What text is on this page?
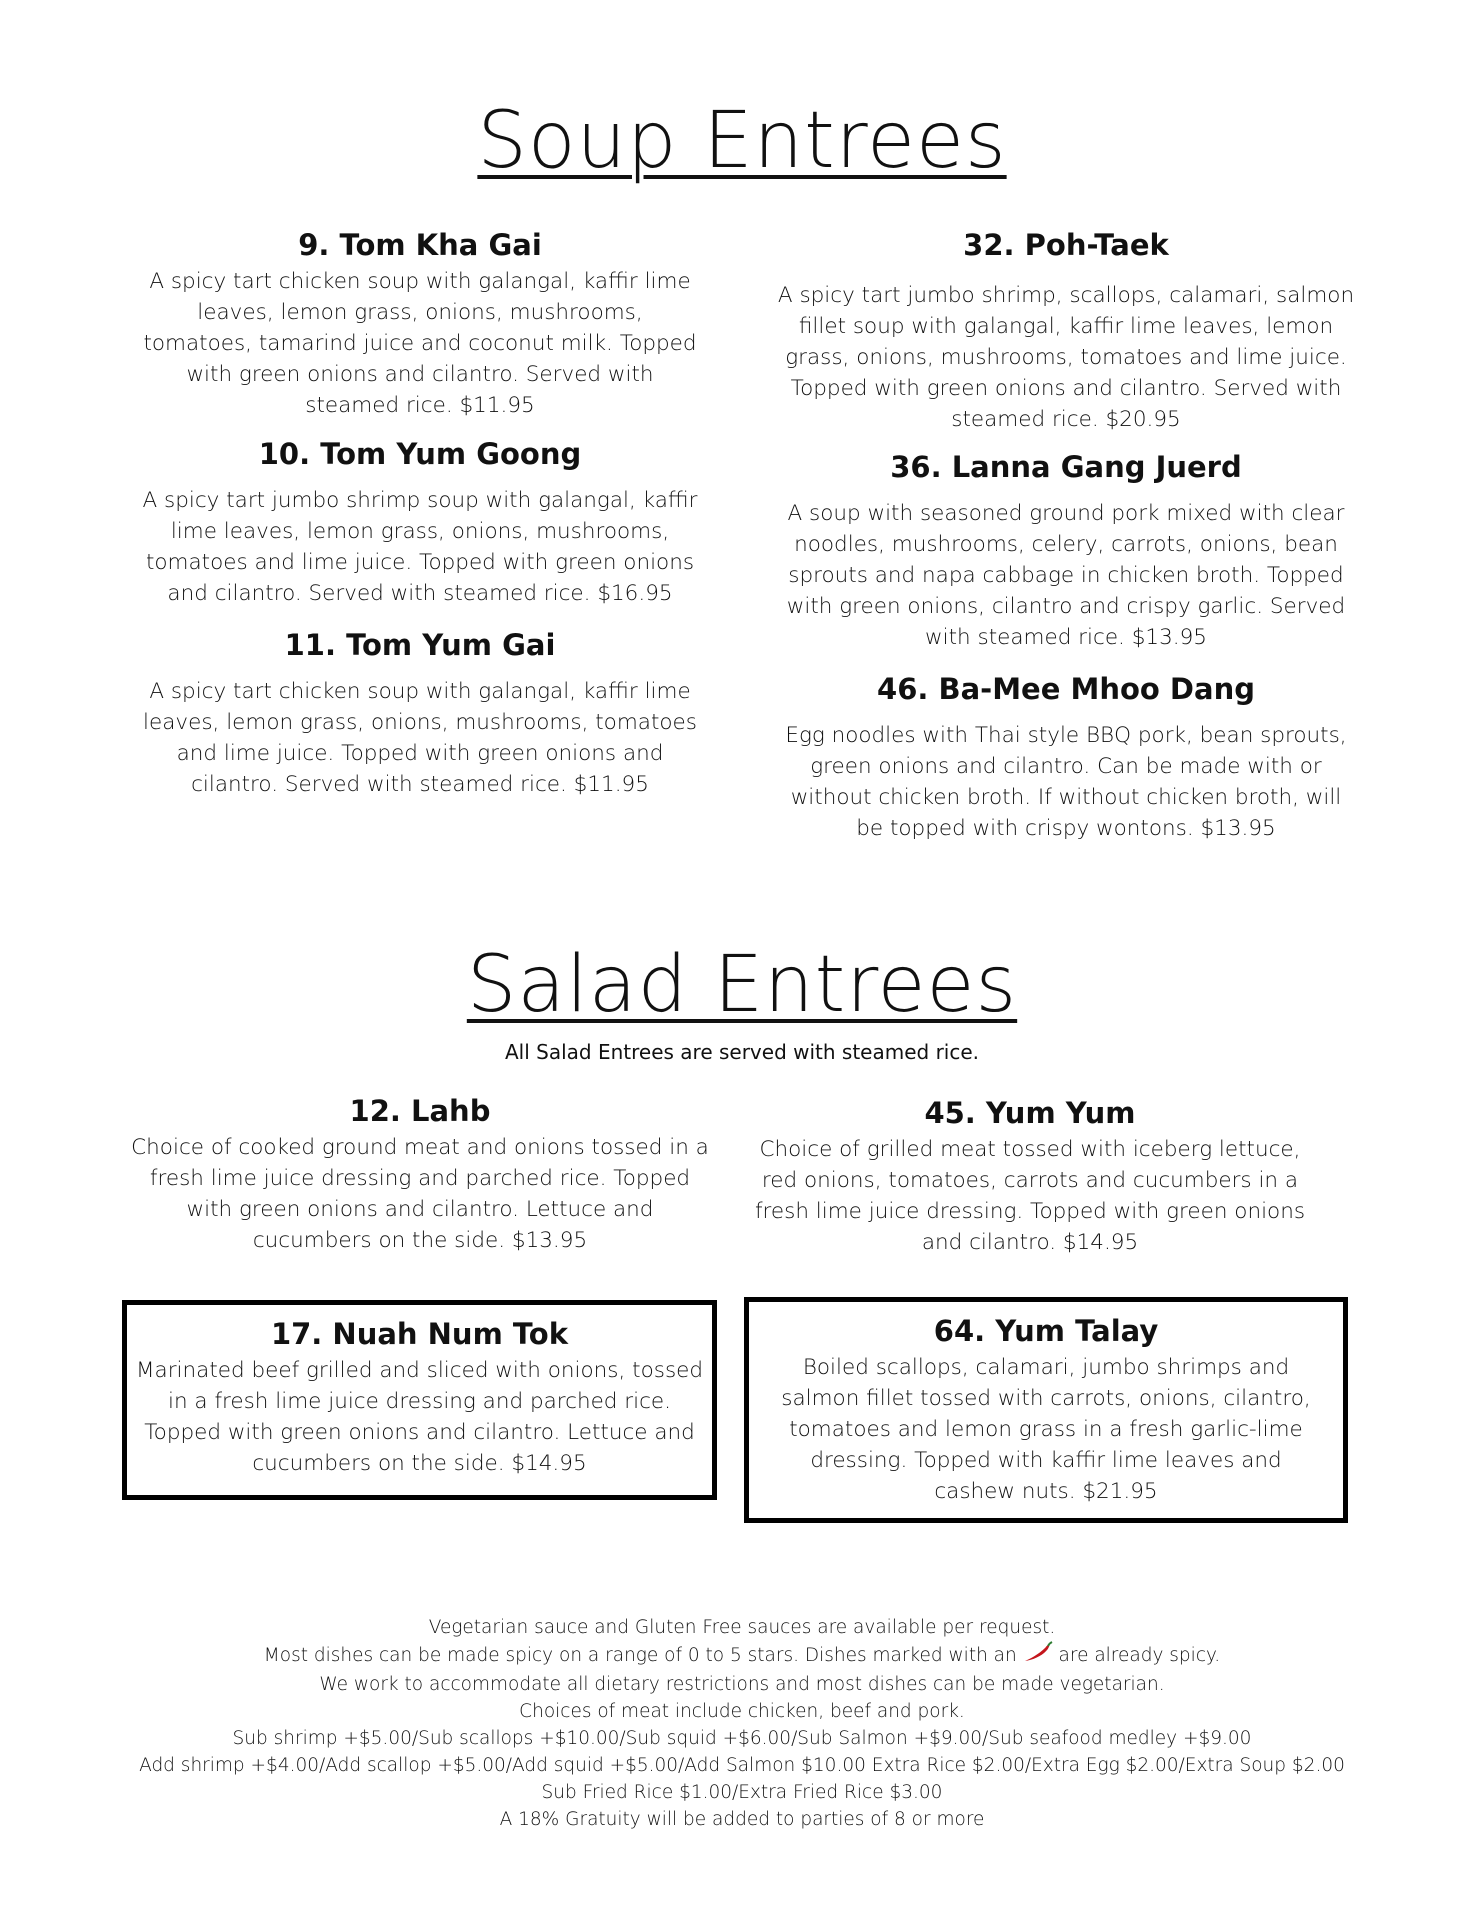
Soup Entrees
9. Tom Kha Gai

A spicy tart chicken soup with galangal, kaffir lime leaves, lemon grass, onions, mushrooms, tomatoes, tamarind juice and coconut milk. Topped with green onions and cilantro. Served with steamed rice. $11.95

10. Tom Yum Goong

A spicy tart jumbo shrimp soup with galangal, kaffir lime leaves, lemon grass, onions, mushrooms, tomatoes and lime juice. Topped with green onions and cilantro. Served with steamed rice. $16.95

11. Tom Yum Gai

A spicy tart chicken soup with galangal, kaffir lime leaves, lemon grass, onions, mushrooms, tomatoes and lime juice. Topped with green onions and cilantro. Served with steamed rice. $11.95

32. Poh-Taek

A spicy tart jumbo shrimp, scallops, calamari, salmon fillet soup with galangal, kaffir lime leaves, lemon grass, onions, mushrooms, tomatoes and lime juice. Topped with green onions and cilantro. Served with steamed rice. $20.95

36. Lanna Gang Juerd

A soup with seasoned ground pork mixed with clear noodles, mushrooms, celery, carrots, onions, bean sprouts and napa cabbage in chicken broth. Topped with green onions, cilantro and crispy garlic. Served with steamed rice. $13.95

46. Ba-Mee Mhoo Dang

Egg noodles with Thai style BBQ pork, bean sprouts, green onions and cilantro. Can be made with or without chicken broth. If without chicken broth, will be topped with crispy wontons. $13.95

Salad Entrees
All Salad Entrees are served with steamed rice.
12. Lahb

Choice of cooked ground meat and onions tossed in a fresh lime juice dressing and parched rice. Topped with green onions and cilantro. Lettuce and cucumbers on the side. $13.95

45. Yum Yum

Choice of grilled meat tossed with iceberg lettuce, red onions, tomatoes, carrots and cucumbers in a fresh lime juice dressing. Topped with green onions and cilantro. $14.95

17. Nuah Num Tok

Marinated beef grilled and sliced with onions, tossed in a fresh lime juice dressing and parched rice. Topped with green onions and cilantro. Lettuce and cucumbers on the side. $14.95

64. Yum Talay

Boiled scallops, calamari, jumbo shrimps and salmon fillet tossed with carrots, onions, cilantro, tomatoes and lemon grass in a fresh garlic-lime dressing. Topped with kaffir lime leaves and cashew nuts. $21.95

Vegetarian sauce and Gluten Free sauces are available per request.
Most dishes can be made spicy on a range of 0 to 5 stars. Dishes marked with an are already spicy.
We work to accommodate all dietary restrictions and most dishes can be made vegetarian.
Choices of meat include chicken, beef and pork.
Sub shrimp +$5.00/Sub scallops +$10.00/Sub squid +$6.00/Sub Salmon +$9.00/Sub seafood medley +$9.00
Add shrimp +$4.00/Add scallop +$5.00/Add squid +$5.00/Add Salmon $10.00 Extra Rice $2.00/Extra Egg $2.00/Extra Soup $2.00
Sub Fried Rice $1.00/Extra Fried Rice $3.00
A 18% Gratuity will be added to parties of 8 or more
